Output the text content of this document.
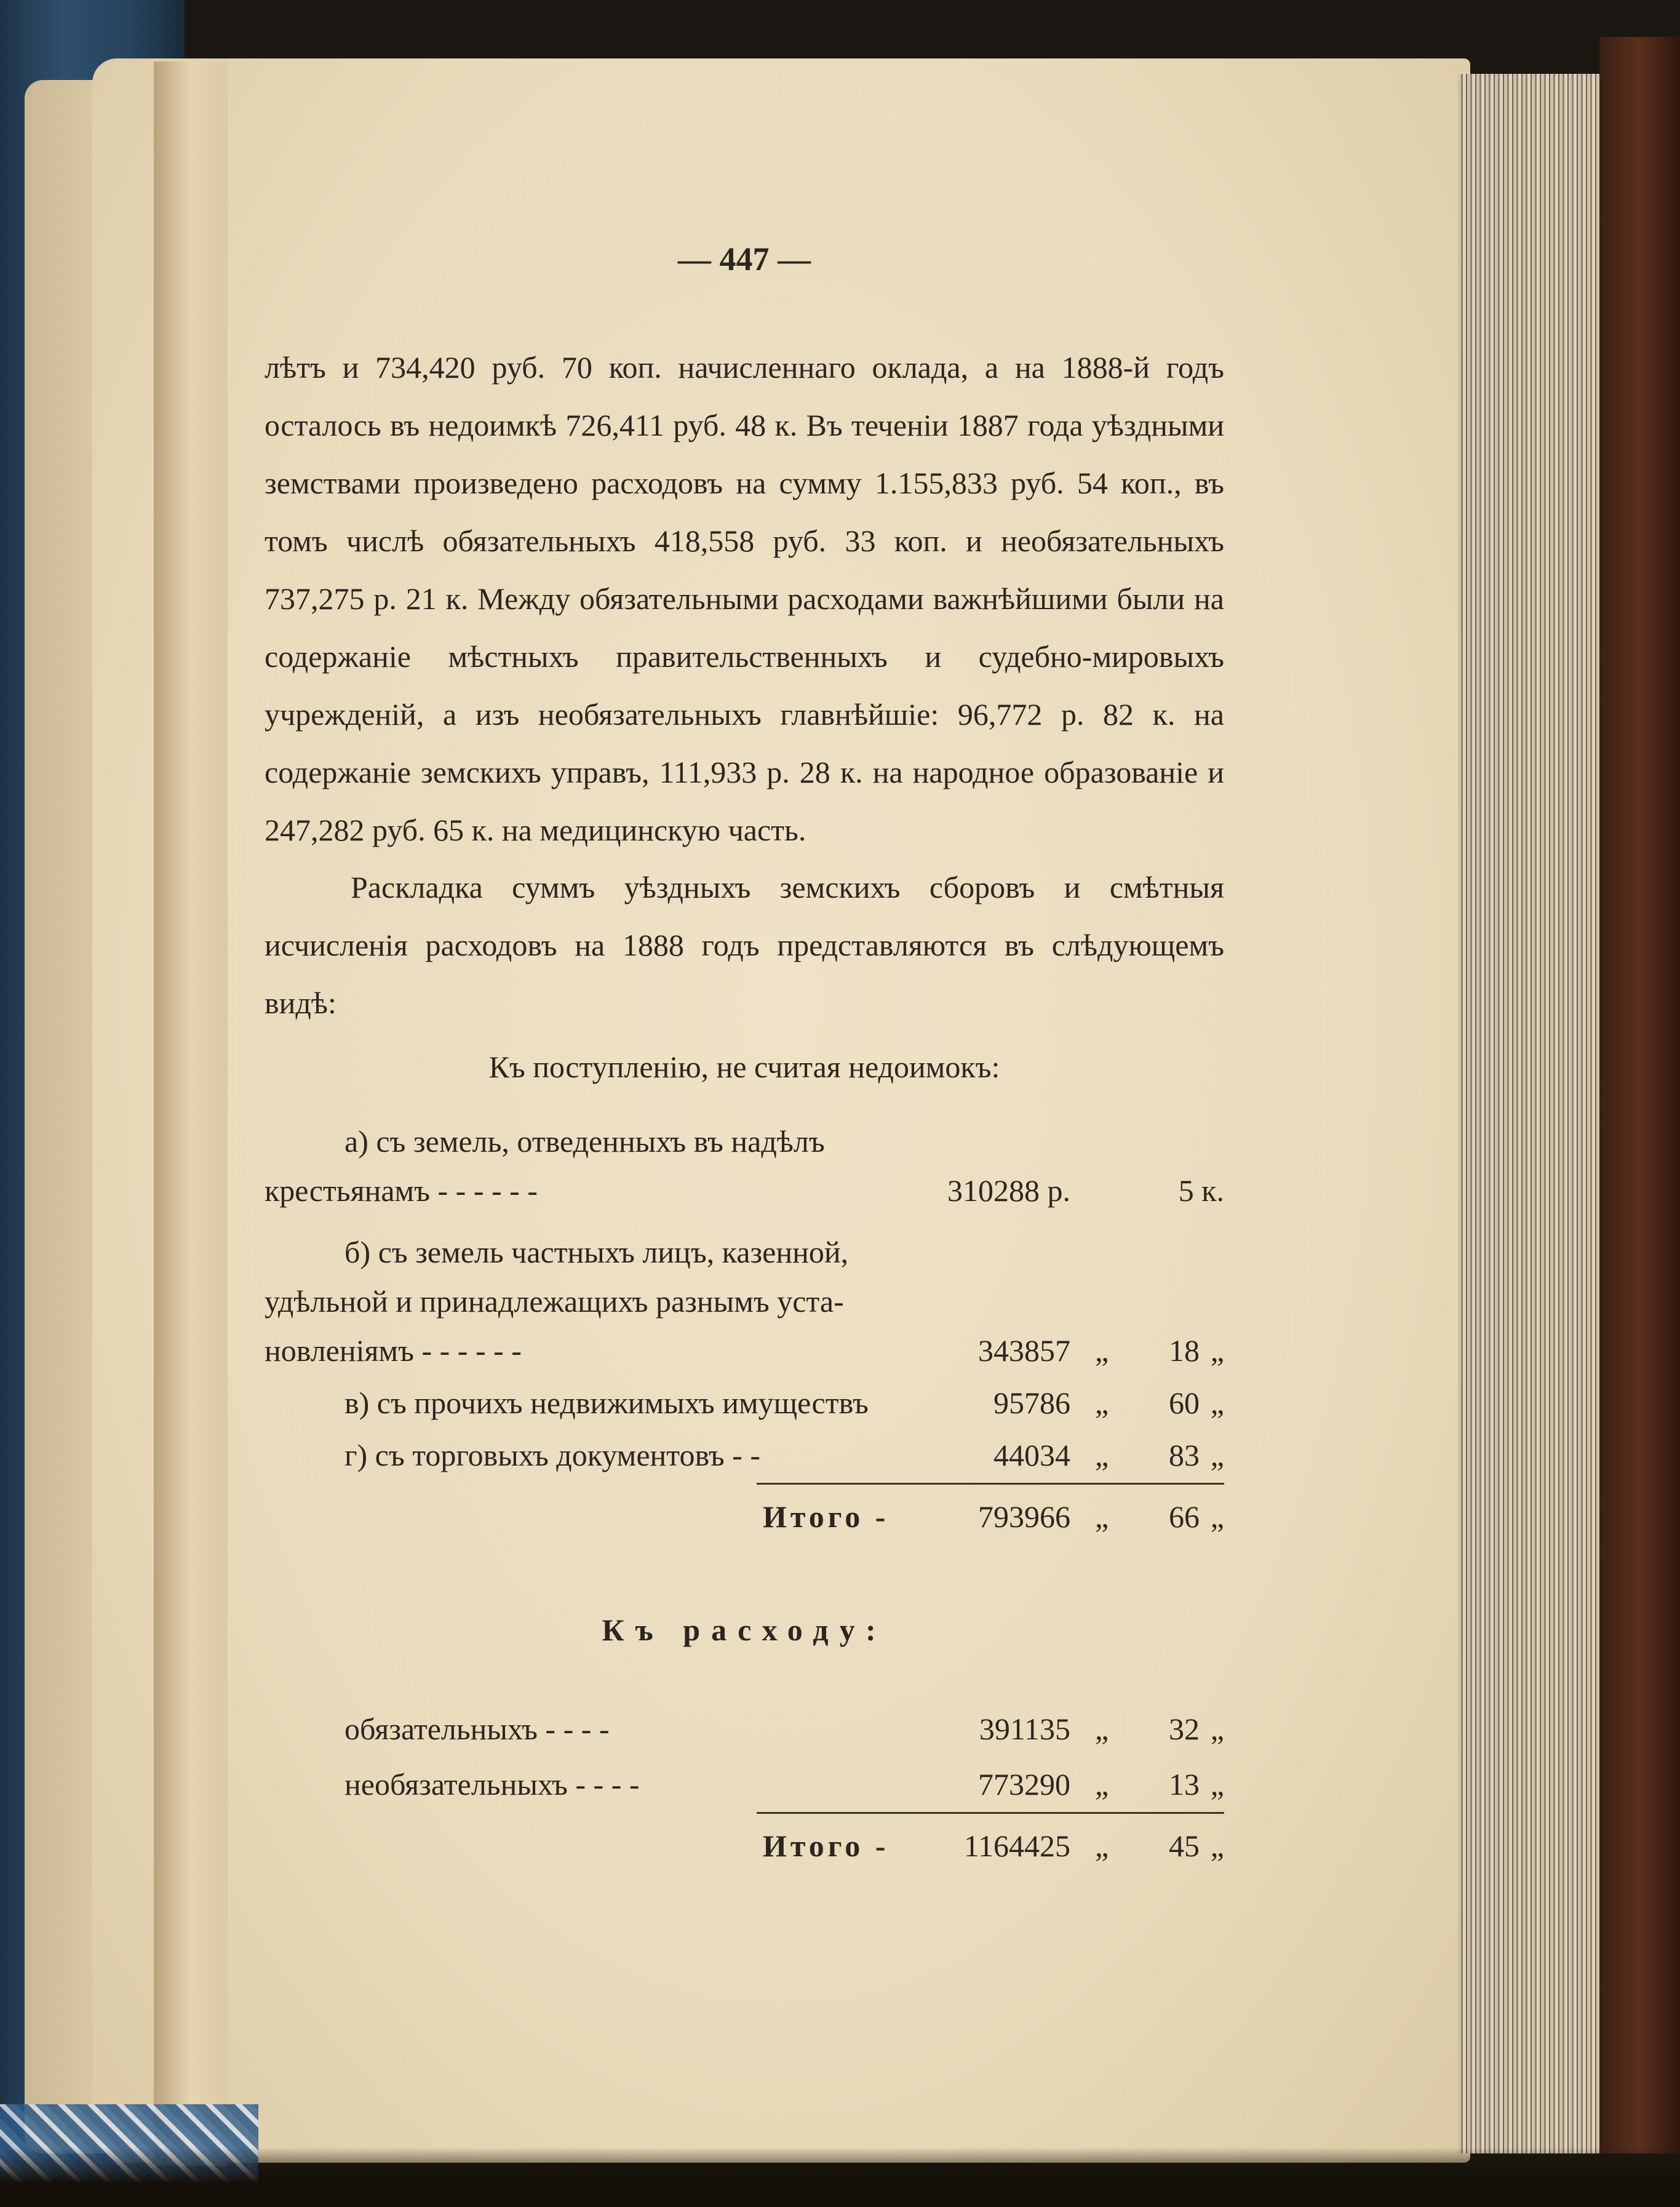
— 447 —
лѣтъ и 734,420 руб. 70 коп. начисленнаго оклада, а на 1888-й годъ осталось въ недоимкѣ 726,411 руб. 48 к. Въ теченіи 1887 года уѣздными земствами произведено расходовъ на сумму 1.155,833 руб. 54 коп., въ томъ числѣ обязательныхъ 418,558 руб. 33 коп. и необязательныхъ 737,275 р. 21 к. Между обязательными расходами важнѣйшими были на содержаніе мѣстныхъ правительственныхъ и судебно-мировыхъ учрежденій, а изъ необязательныхъ главнѣйшіе: 96,772 р. 82 к. на содержаніе земскихъ управъ, 111,933 р. 28 к. на народное образованіе и 247,282 руб. 65 к. на медицинскую часть.
Раскладка суммъ уѣздныхъ земскихъ сборовъ и смѣтныя исчисленія расходовъ на 1888 годъ представляются въ слѣдующемъ видѣ:
Къ поступленію, не считая недоимокъ:
а) съ земель, отведенныхъ въ надѣлъ
крестьянамъ - - - - - -	310288 р.	5 к.
б) съ земель частныхъ лицъ, казенной,
удѣльной и принадлежащихъ разнымъ уста-
новленіямъ - - - - - -	343857 „ 18 „
в) съ прочихъ недвижимыхъ имуществъ	95786 „ 60 „
г) съ торговыхъ документовъ - -	44034 „ 83 „
Итого -	793966 „ 66 „
Къ расходу:
обязательныхъ - - - -	391135 „ 32 „
необязательныхъ - - - -	773290 „ 13 „
Итого - 1164425 „ 45 „
